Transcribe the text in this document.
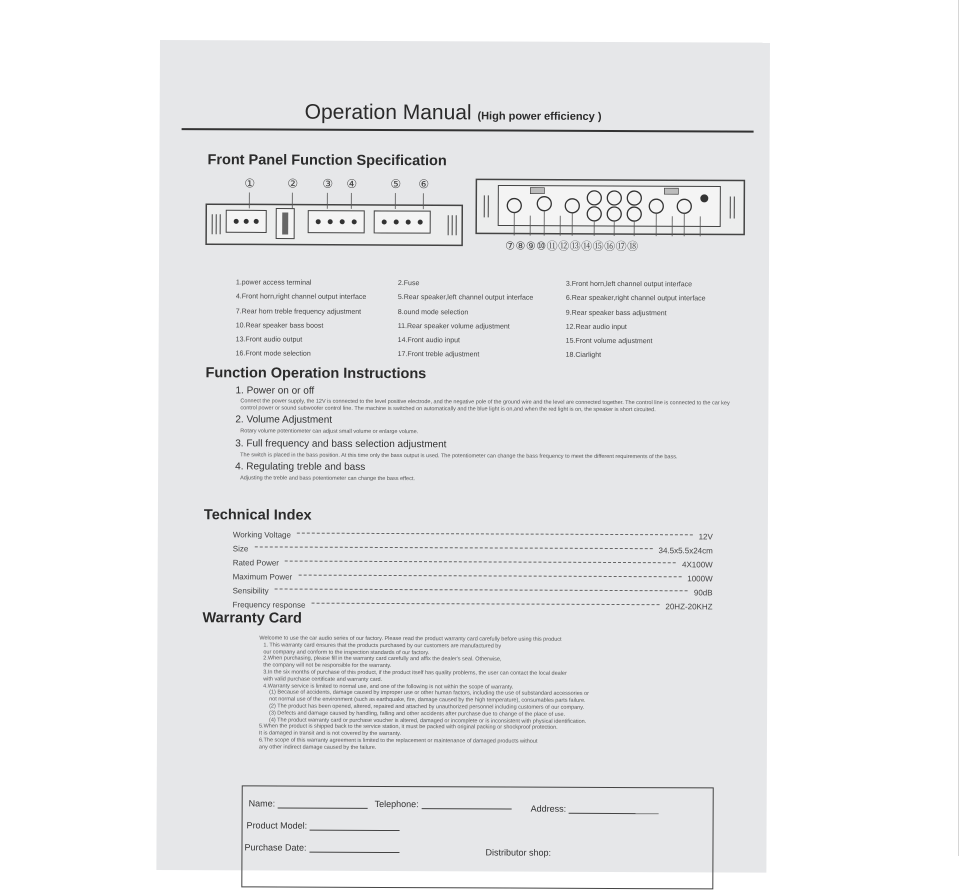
Operation Manual (High power efficiency )
Front Panel Function Specification
①	② ③ ④	⑤ ⑥
⑦⑧⑨⑩⑪⑫⑬⑭⑮⑯⑰⑱
1.power access terminal	2.Fuse	3.Front horn,left channel output interface
4.Front horn,right channel output interface	5.Rear speaker,left channel output interface	6.Rear speaker,right channel output interface
7.Rear horn treble frequency adjustment	8.ound mode selection	9.Rear speaker bass adjustment
10.Rear speaker bass boost	11.Rear speaker volume adjustment	12.Rear audio input
13.Front audio output	14.Front audio input	15.Front volume adjustment
16.Front mode selection	17.Front treble adjustment	18.Ciarlight
Function Operation Instructions
1. Power on or off
Connect the power supply, the 12V is connected to the level positive electrode, and the negative pole of the ground wire and the level are connected together. The control line is connected to the car key control power or sound subwoofer control line. The machine is switched on automatically and the blue light is on,and when the red light is on, the speaker is short circuited.
2. Volume Adjustment
Rotary volume potentiometer can adjust small volume or enlarge volume.
3. Full frequency and bass selection adjustment
The switch is placed in the bass position. At this time only the bass output is used. The potentiometer can change the bass frequency to meet the different requirements of the bass.
4. Regulating treble and bass
Adjusting the treble and bass potentiometer can change the bass effect.
Technical Index
Working Voltage	12V
Size	34.5x5.5x24cm
Rated Power	4X100W
Maximum Power	1000W
Sensibility	90dB
Frequency response	20HZ-20KHZ
Warranty Card
Welcome to use the car audio series of our factory. Please read the product warranty card carefully before using this product
1. This warranty card ensures that the products purchased by our customers are manufactured by
our company and conform to the inspection standards of our factory.
2.When purchasing, please fill in the warranty card carefully and affix the dealer's seal. Otherwise,
the company will not be responsible for the warranty.
3.In the six months of purchase of this product, if the product itself has quality problems, the user can contact the local dealer
with valid purchase certificate and warranty card.
4.Warranty service is limited to normal use, and one of the following is not within the scope of warranty.
(1) Because of accidents, damage caused by improper use or other human factors, including the use of substandard accessories or
not normal use of the environment (such as earthquake, fire, damage caused by the high temperature), consumables parts failure.
(2) The product has been opened, altered, repaired and attached by unauthorized personnel including customers of our company.
(3) Defects and damage caused by handling, falling and other accidents after purchase due to change of the place of use.
(4) The product warranty card or purchase voucher is altered, damaged or incomplete or is inconsistent with physical identification.
5.When the product is shipped back to the service station, it must be packed with original packing or shockproof protection.
It is damaged in transit and is not covered by the warranty.
6.The scope of this warranty agreement is limited to the replacement or maintenance of damaged products without
any other indirect damage caused by the failure.
Name:	Telephone:	Address:
Product Model:
Purchase Date:	Distributor shop:
